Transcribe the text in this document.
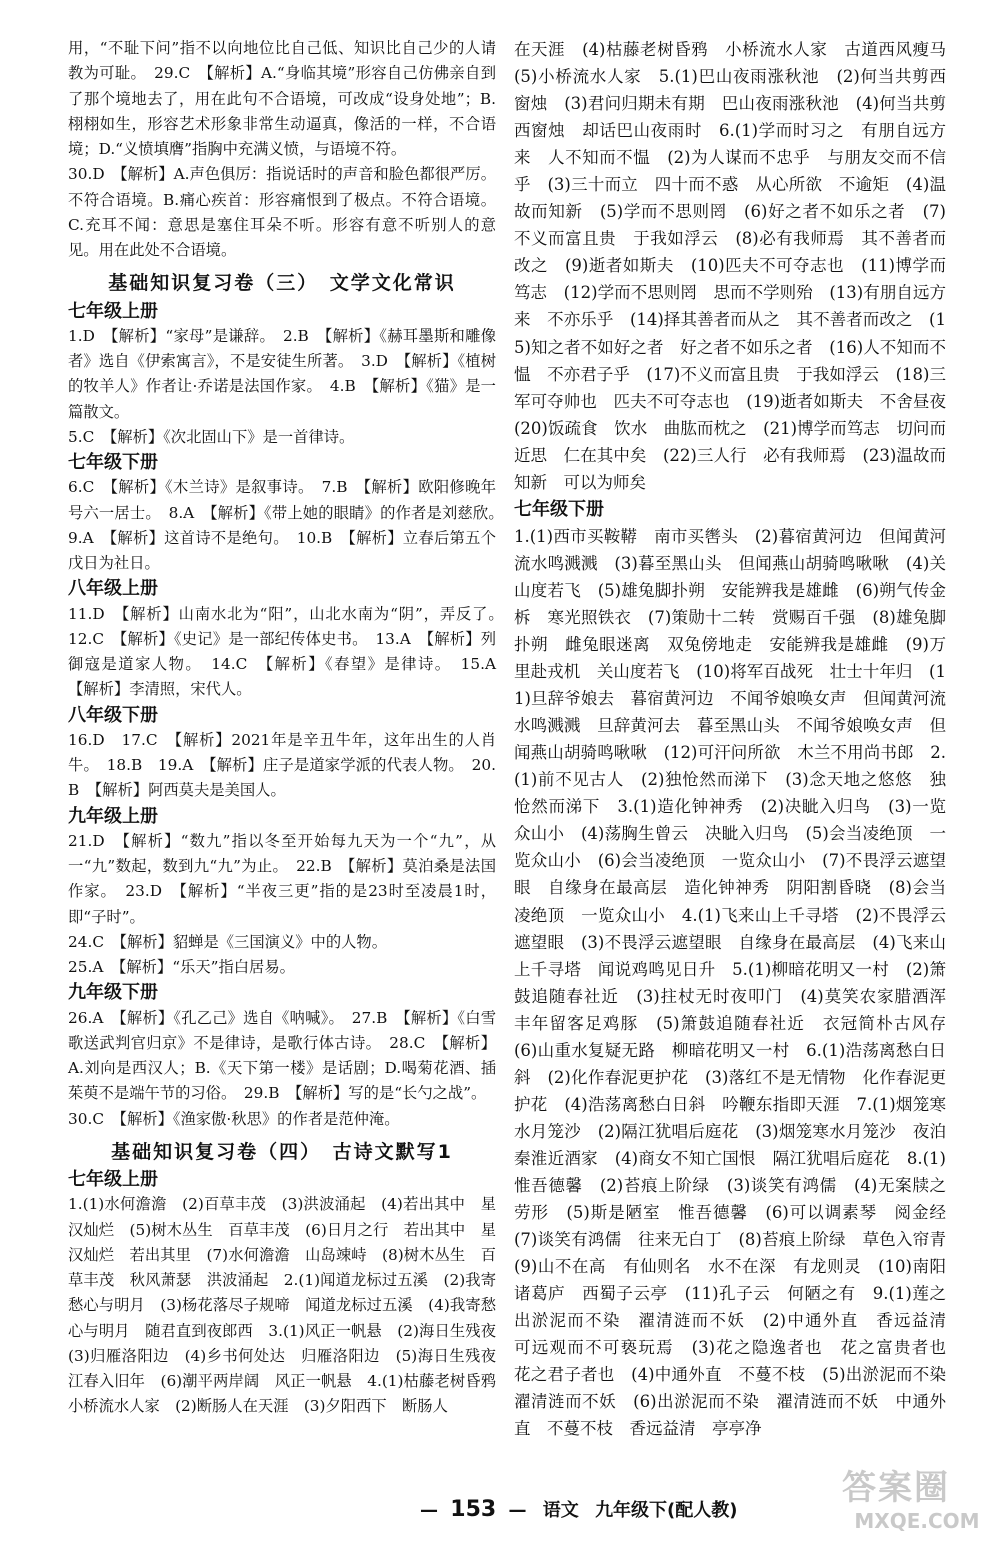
用，“不耻下问”指不以向地位比自己低、知识比自己少的人请教为可耻。　29.C　【解析】A.“身临其境”形容自己仿佛亲自到了那个境地去了，用在此句不合语境，可改成“设身处地”；B.栩栩如生，形容艺术形象非常生动逼真，像活的一样，不合语境；D.“义愤填膺”指胸中充满义愤，与语境不符。

30.D　【解析】A.声色俱厉：指说话时的声音和脸色都很严厉。不符合语境。B.痛心疾首：形容痛恨到了极点。不符合语境。C.充耳不闻：意思是塞住耳朵不听。形容有意不听别人的意见。用在此处不合语境。

基础知识复习卷（三）　文学文化常识

七年级上册

1.D　【解析】“家母”是谦辞。　2.B　【解析】《赫耳墨斯和雕像者》选自《伊索寓言》，不是安徒生所著。　3.D　【解析】《植树的牧羊人》作者让·乔诺是法国作家。　4.B　【解析】《猫》是一篇散文。

5.C　【解析】《次北固山下》是一首律诗。

七年级下册

6.C　【解析】《木兰诗》是叙事诗。　7.B　【解析】欧阳修晚年号六一居士。　8.A　【解析】《带上她的眼睛》的作者是刘慈欣。　9.A　【解析】这首诗不是绝句。　10.B　【解析】立春后第五个戊日为社日。

八年级上册

11.D　【解析】山南水北为“阳”，山北水南为“阴”，弄反了。　12.C　【解析】《史记》是一部纪传体史书。　13.A　【解析】列御寇是道家人物。　14.C　【解析】《春望》是律诗。　15.A　【解析】李清照，宋代人。

八年级下册

16.D　17.C　【解析】2021年是辛丑牛年，这年出生的人肖牛。　18.B　19.A　【解析】庄子是道家学派的代表人物。　20.B　【解析】阿西莫夫是美国人。

九年级上册

21.D　【解析】“数九”指以冬至开始每九天为一个“九”，从一“九”数起，数到九“九”为止。　22.B　【解析】莫泊桑是法国作家。　23.D　【解析】“半夜三更”指的是23时至凌晨1时，即“子时”。

24.C　【解析】貂蝉是《三国演义》中的人物。

25.A　【解析】“乐天”指白居易。

九年级下册

26.A　【解析】《孔乙己》选自《呐喊》。　27.B　【解析】《白雪歌送武判官归京》不是律诗，是歌行体古诗。　28.C　【解析】A.刘向是西汉人；B.《天下第一楼》是话剧；D.喝菊花酒、插茱萸不是端午节的习俗。　29.B　【解析】写的是“长勺之战”。

30.C　【解析】《渔家傲·秋思》的作者是范仲淹。

基础知识复习卷（四）　古诗文默写1

七年级上册

1.(1)水何澹澹　(2)百草丰茂　(3)洪波涌起　(4)若出其中　星汉灿烂　(5)树木丛生　百草丰茂　(6)日月之行　若出其中　星汉灿烂　若出其里　(7)水何澹澹　山岛竦峙　(8)树木丛生　百草丰茂　秋风萧瑟　洪波涌起　2.(1)闻道龙标过五溪　(2)我寄愁心与明月　(3)杨花落尽子规啼　闻道龙标过五溪　(4)我寄愁心与明月　随君直到夜郎西　3.(1)风正一帆悬　(2)海日生残夜　(3)归雁洛阳边　(4)乡书何处达　归雁洛阳边　(5)海日生残夜　江春入旧年　(6)潮平两岸阔　风正一帆悬　4.(1)枯藤老树昏鸦　小桥流水人家　(2)断肠人在天涯　(3)夕阳西下　断肠人

在天涯　(4)枯藤老树昏鸦　小桥流水人家　古道西风瘦马　(5)小桥流水人家　5.(1)巴山夜雨涨秋池　(2)何当共剪西窗烛　(3)君问归期未有期　巴山夜雨涨秋池　(4)何当共剪西窗烛　却话巴山夜雨时　6.(1)学而时习之　有朋自远方来　人不知而不愠　(2)为人谋而不忠乎　与朋友交而不信乎　(3)三十而立　四十而不惑　从心所欲　不逾矩　(4)温故而知新　(5)学而不思则罔　(6)好之者不如乐之者　(7)不义而富且贵　于我如浮云　(8)必有我师焉　其不善者而改之　(9)逝者如斯夫　(10)匹夫不可夺志也　(11)博学而笃志　(12)学而不思则罔　思而不学则殆　(13)有朋自远方来　不亦乐乎　(14)择其善者而从之　其不善者而改之　(15)知之者不如好之者　好之者不如乐之者　(16)人不知而不愠　不亦君子乎　(17)不义而富且贵　于我如浮云　(18)三军可夺帅也　匹夫不可夺志也　(19)逝者如斯夫　不舍昼夜　(20)饭疏食　饮水　曲肱而枕之　(21)博学而笃志　切问而近思　仁在其中矣　(22)三人行　必有我师焉　(23)温故而知新　可以为师矣

七年级下册

1.(1)西市买鞍鞯　南市买辔头　(2)暮宿黄河边　但闻黄河流水鸣溅溅　(3)暮至黑山头　但闻燕山胡骑鸣啾啾　(4)关山度若飞　(5)雄兔脚扑朔　安能辨我是雄雌　(6)朔气传金柝　寒光照铁衣　(7)策勋十二转　赏赐百千强　(8)雄兔脚扑朔　雌兔眼迷离　双兔傍地走　安能辨我是雄雌　(9)万里赴戎机　关山度若飞　(10)将军百战死　壮士十年归　(11)旦辞爷娘去　暮宿黄河边　不闻爷娘唤女声　但闻黄河流水鸣溅溅　旦辞黄河去　暮至黑山头　不闻爷娘唤女声　但闻燕山胡骑鸣啾啾　(12)可汗问所欲　木兰不用尚书郎　2.(1)前不见古人　(2)独怆然而涕下　(3)念天地之悠悠　独怆然而涕下　3.(1)造化钟神秀　(2)决眦入归鸟　(3)一览众山小　(4)荡胸生曾云　决眦入归鸟　(5)会当凌绝顶　一览众山小　(6)会当凌绝顶　一览众山小　(7)不畏浮云遮望眼　自缘身在最高层　造化钟神秀　阴阳割昏晓　(8)会当凌绝顶　一览众山小　4.(1)飞来山上千寻塔　(2)不畏浮云遮望眼　(3)不畏浮云遮望眼　自缘身在最高层　(4)飞来山上千寻塔　闻说鸡鸣见日升　5.(1)柳暗花明又一村　(2)箫鼓追随春社近　(3)拄杖无时夜叩门　(4)莫笑农家腊酒浑　丰年留客足鸡豚　(5)箫鼓追随春社近　衣冠简朴古风存　(6)山重水复疑无路　柳暗花明又一村　6.(1)浩荡离愁白日斜　(2)化作春泥更护花　(3)落红不是无情物　化作春泥更护花　(4)浩荡离愁白日斜　吟鞭东指即天涯　7.(1)烟笼寒水月笼沙　(2)隔江犹唱后庭花　(3)烟笼寒水月笼沙　夜泊秦淮近酒家　(4)商女不知亡国恨　隔江犹唱后庭花　8.(1)惟吾德馨　(2)苔痕上阶绿　(3)谈笑有鸿儒　(4)无案牍之劳形　(5)斯是陋室　惟吾德馨　(6)可以调素琴　阅金经　(7)谈笑有鸿儒　往来无白丁　(8)苔痕上阶绿　草色入帘青　(9)山不在高　有仙则名　水不在深　有龙则灵　(10)南阳诸葛庐　西蜀子云亭　(11)孔子云　何陋之有　9.(1)莲之出淤泥而不染　濯清涟而不妖　(2)中通外直　香远益清　可远观而不可亵玩焉　(3)花之隐逸者也　花之富贵者也　花之君子者也　(4)中通外直　不蔓不枝　(5)出淤泥而不染　濯清涟而不妖　(6)出淤泥而不染　濯清涟而不妖　中通外直　不蔓不枝　香远益清　亭亭净

— 153 — 语文 九年级下(配人教)
答案圈
MXQE.COM
